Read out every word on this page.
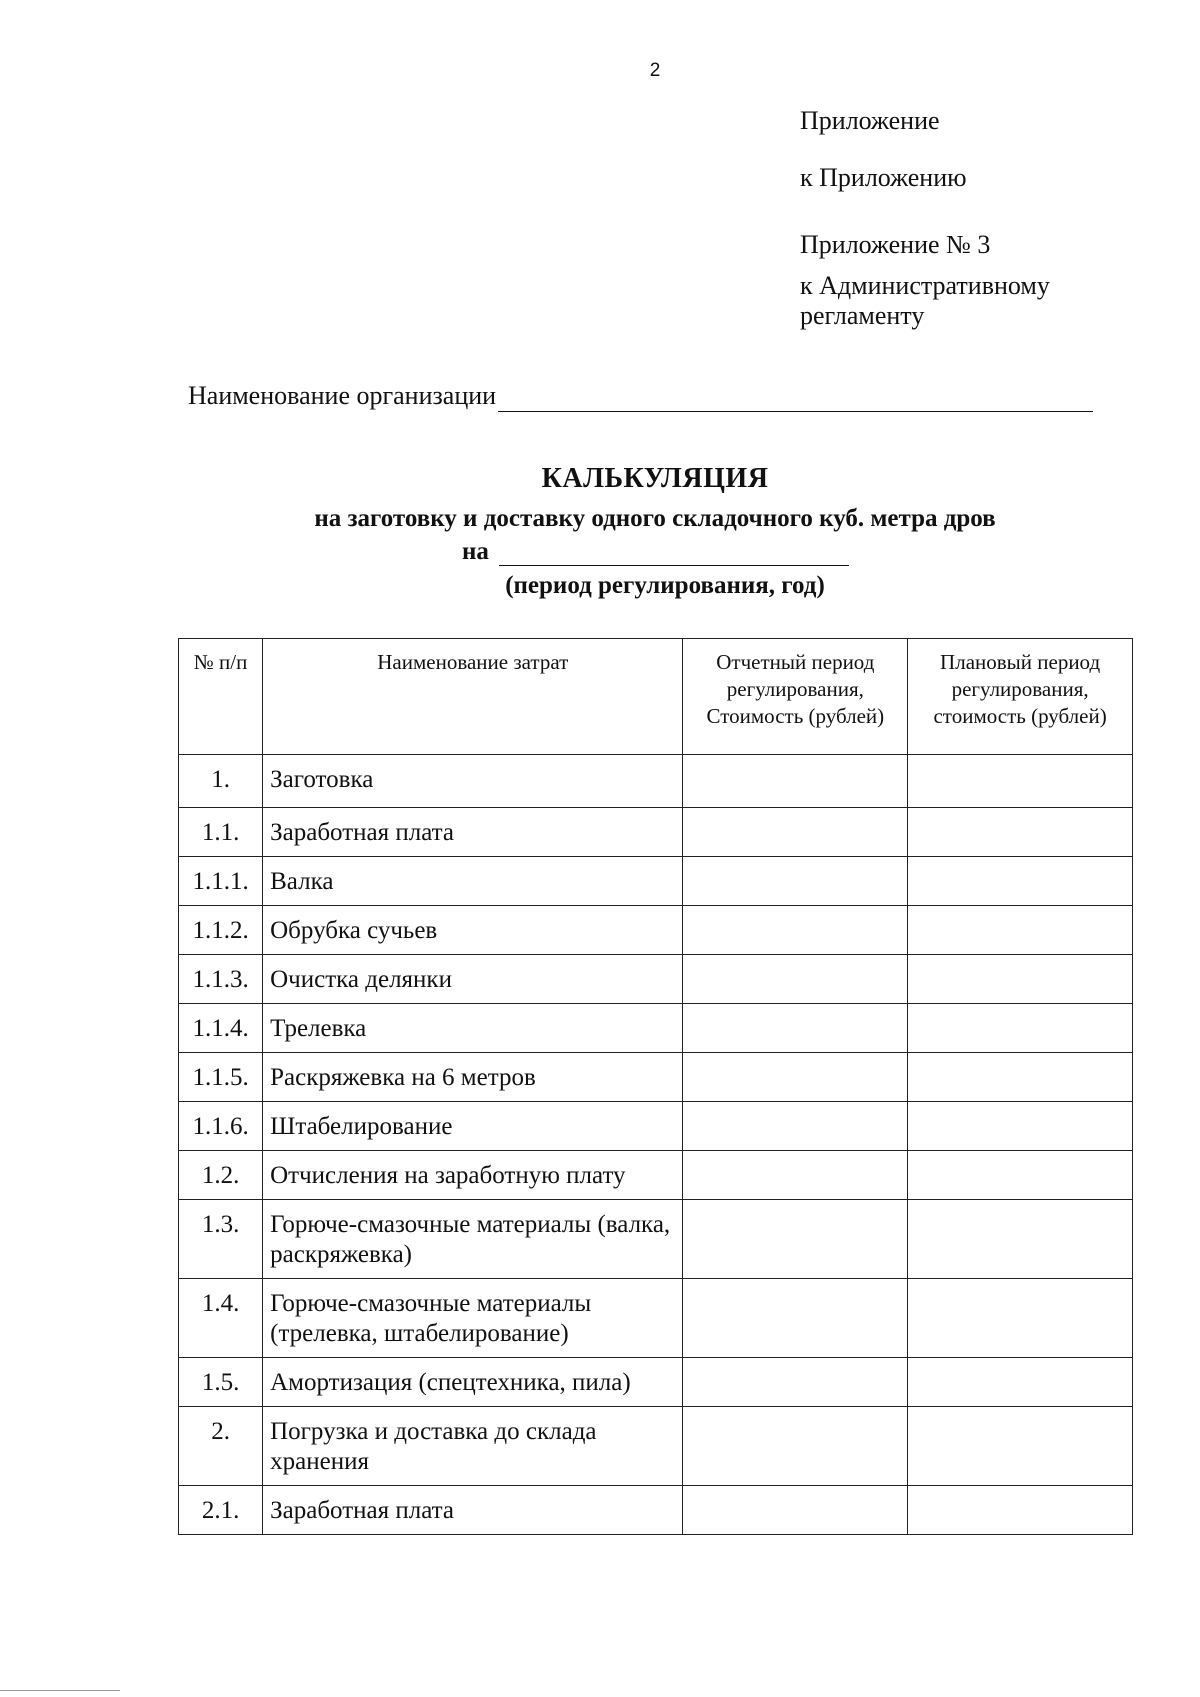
2
Приложение
к Приложению
Приложение № 3
к Административному
регламенту
Наименование организации
КАЛЬКУЛЯЦИЯ
на заготовку и доставку одного складочного куб. метра дров
на
(период регулирования, год)
№ п/п	Наименование затрат	Отчетный период регулирования, Стоимость (рублей)	Плановый период регулирования, стоимость (рублей)
1.	Заготовка		
1.1.	Заработная плата		
1.1.1.	Валка		
1.1.2.	Обрубка сучьев		
1.1.3.	Очистка делянки		
1.1.4.	Трелевка		
1.1.5.	Раскряжевка на 6 метров		
1.1.6.	Штабелирование		
1.2.	Отчисления на заработную плату		
1.3.	Горюче-смазочные материалы (валка, раскряжевка)		
1.4.	Горюче-смазочные материалы (трелевка, штабелирование)		
1.5.	Амортизация (спецтехника, пила)		
2.	Погрузка и доставка до склада хранения		
2.1.	Заработная плата		
